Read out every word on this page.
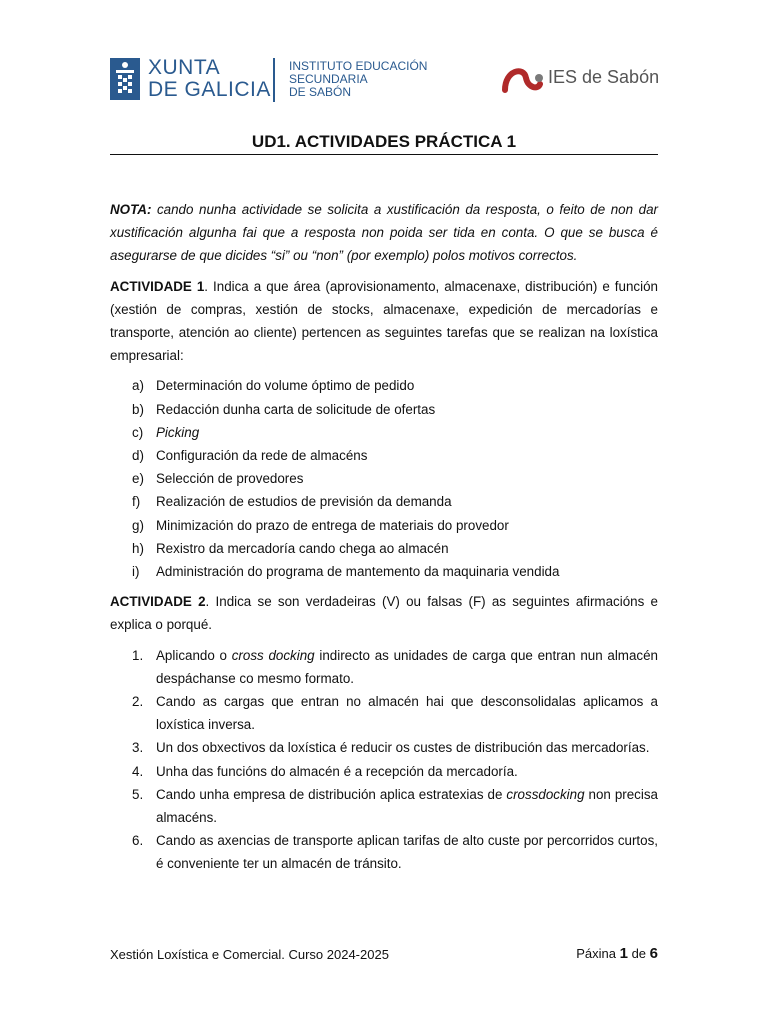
XUNTA
DE GALICIA
INSTITUTO EDUCACIÓN
SECUNDARIA
DE SABÓN
IES de Sabón
UD1. ACTIVIDADES PRÁCTICA 1

NOTA: cando nunha actividade se solicita a xustificación da resposta, o feito de non dar xustificación algunha fai que a resposta non poida ser tida en conta. O que se busca é asegurarse de que dicides “si” ou “non” (por exemplo) polos motivos correctos.

ACTIVIDADE 1. Indica a que área (aprovisionamento, almacenaxe, distribución) e función (xestión de compras, xestión de stocks, almacenaxe, expedición de mercadorías e transporte, atención ao cliente) pertencen as seguintes tarefas que se realizan na loxística empresarial:

a) Determinación do volume óptimo de pedido
b) Redacción dunha carta de solicitude de ofertas
c) Picking
d) Configuración da rede de almacéns
e) Selección de provedores
f) Realización de estudios de previsión da demanda
g) Minimización do prazo de entrega de materiais do provedor
h) Rexistro da mercadoría cando chega ao almacén
i) Administración do programa de mantemento da maquinaria vendida

ACTIVIDADE 2. Indica se son verdadeiras (V) ou falsas (F) as seguintes afirmacións e explica o porqué.

1. Aplicando o cross docking indirecto as unidades de carga que entran nun almacén despáchanse co mesmo formato.
2. Cando as cargas que entran no almacén hai que desconsolidalas aplicamos a loxística inversa.
3. Un dos obxectivos da loxística é reducir os custes de distribución das mercadorías.
4. Unha das funcións do almacén é a recepción da mercadoría.
5. Cando unha empresa de distribución aplica estratexias de crossdocking non precisa almacéns.
6. Cando as axencias de transporte aplican tarifas de alto custe por percorridos curtos, é conveniente ter un almacén de tránsito.
Xestión Loxística e Comercial. Curso 2024-2025	Páxina 1 de 6
